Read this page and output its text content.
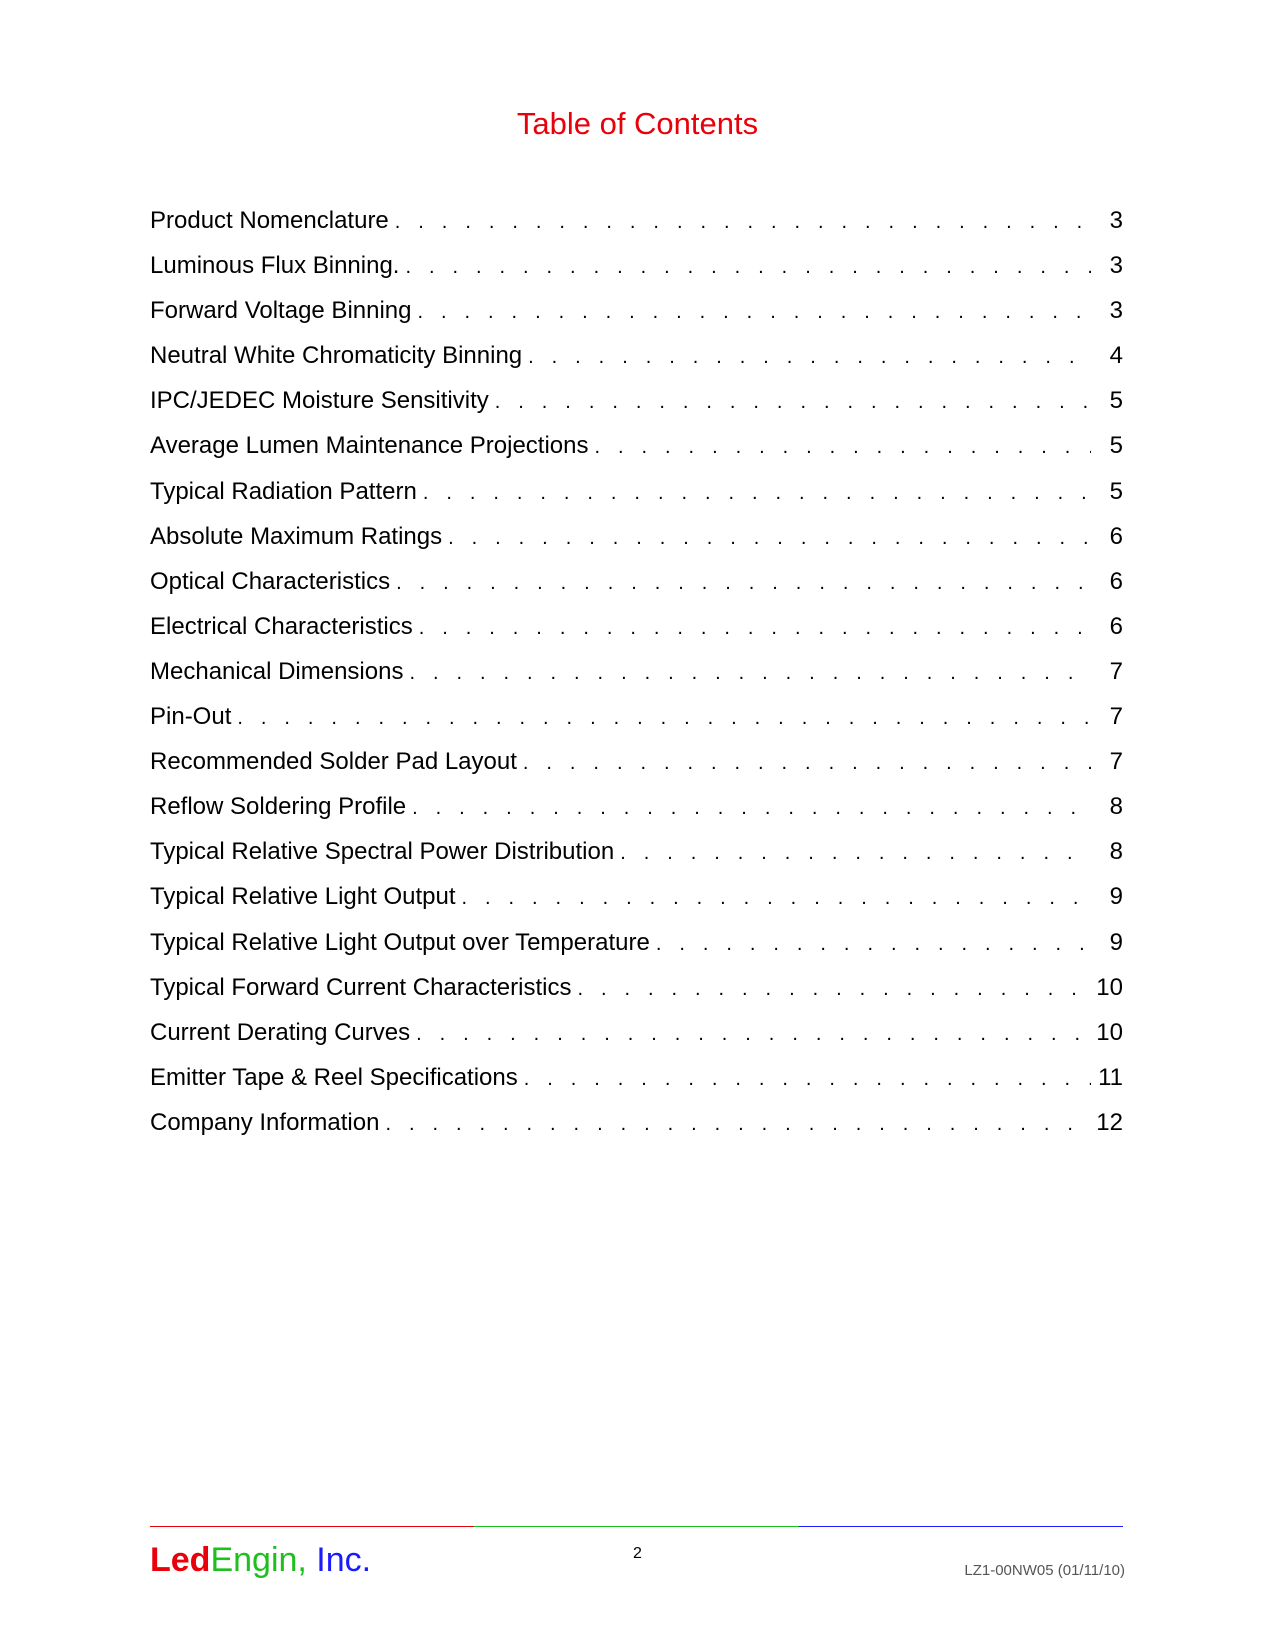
Table of Contents
Product Nomenclature . . .	3
Luminous Flux Binning. . . .	3
Forward Voltage Binning . . .	3
Neutral White Chromaticity Binning . . .	4
IPC/JEDEC Moisture Sensitivity . . .	5
Average Lumen Maintenance Projections . . .	5
Typical Radiation Pattern . . .	5
Absolute Maximum Ratings . . .	6
Optical Characteristics . . .	6
Electrical Characteristics . . .	6
Mechanical Dimensions . . .	7
Pin-Out . . .	7
Recommended Solder Pad Layout . . .	7
Reflow Soldering Profile . . .	8
Typical Relative Spectral Power Distribution . . .	8
Typical Relative Light Output . . .	9
Typical Relative Light Output over Temperature . . .	9
Typical Forward Current Characteristics . . .	10
Current Derating Curves . . .	10
Emitter Tape & Reel Specifications . . .	11
Company Information . . .	12
LedEngin, Inc.	2
LZ1-00NW05 (01/11/10)
